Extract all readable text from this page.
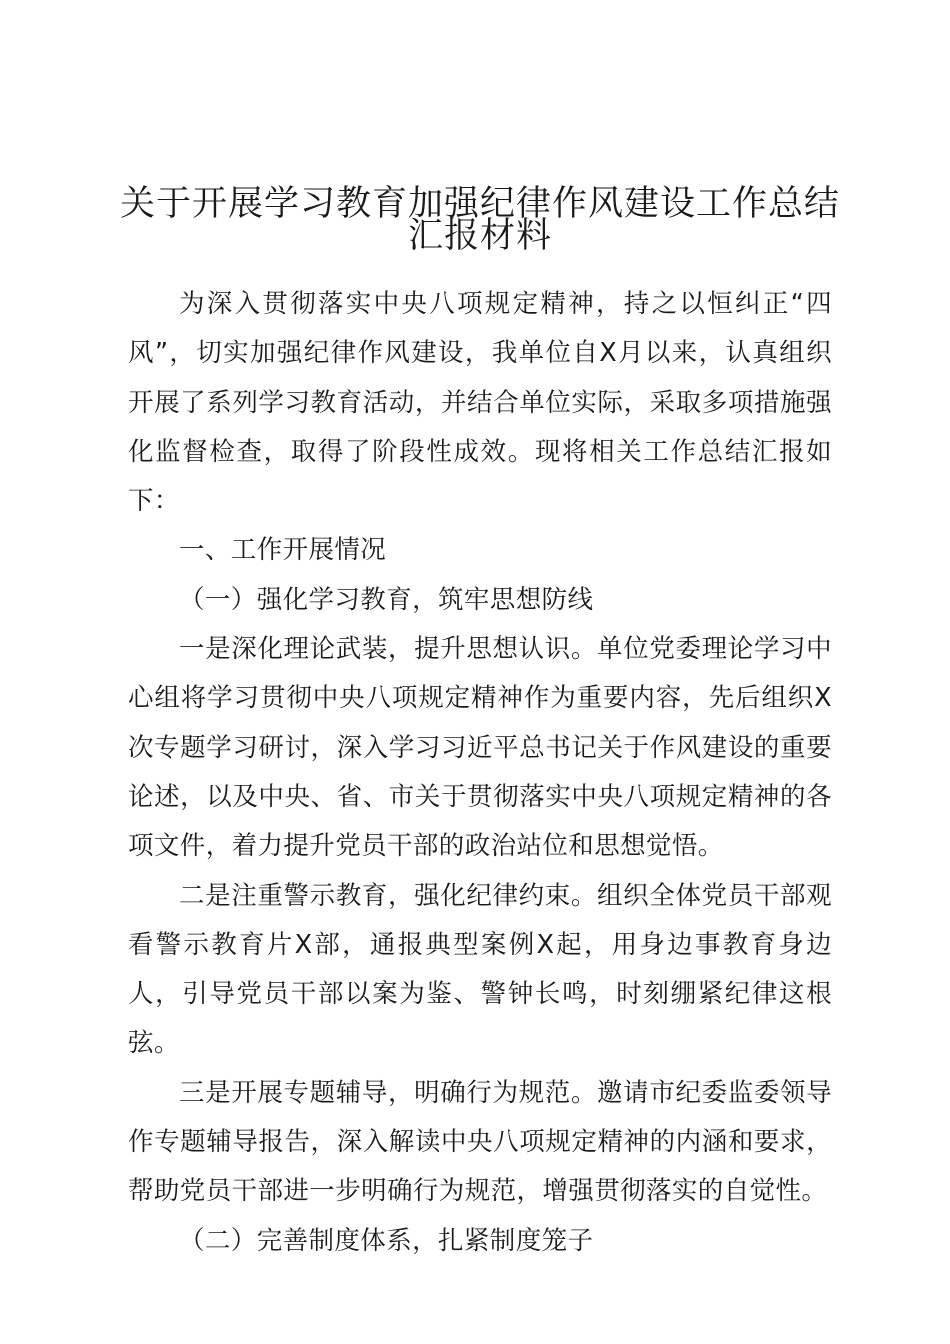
关于开展学习教育加强纪律作风建设工作总结
汇报材料

为深入贯彻落实中央八项规定精神，持之以恒纠正“四风”，切实加强纪律作风建设，我单位自X月以来，认真组织开展了系列学习教育活动，并结合单位实际，采取多项措施强化监督检查，取得了阶段性成效。现将相关工作总结汇报如下：

一、工作开展情况

（一）强化学习教育，筑牢思想防线

一是深化理论武装，提升思想认识。单位党委理论学习中心组将学习贯彻中央八项规定精神作为重要内容，先后组织X次专题学习研讨，深入学习习近平总书记关于作风建设的重要论述，以及中央、省、市关于贯彻落实中央八项规定精神的各项文件，着力提升党员干部的政治站位和思想觉悟。

二是注重警示教育，强化纪律约束。组织全体党员干部观看警示教育片X部，通报典型案例X起，用身边事教育身边人，引导党员干部以案为鉴、警钟长鸣，时刻绷紧纪律这根弦。

三是开展专题辅导，明确行为规范。邀请市纪委监委领导作专题辅导报告，深入解读中央八项规定精神的内涵和要求，帮助党员干部进一步明确行为规范，增强贯彻落实的自觉性。

（二）完善制度体系，扎紧制度笼子
